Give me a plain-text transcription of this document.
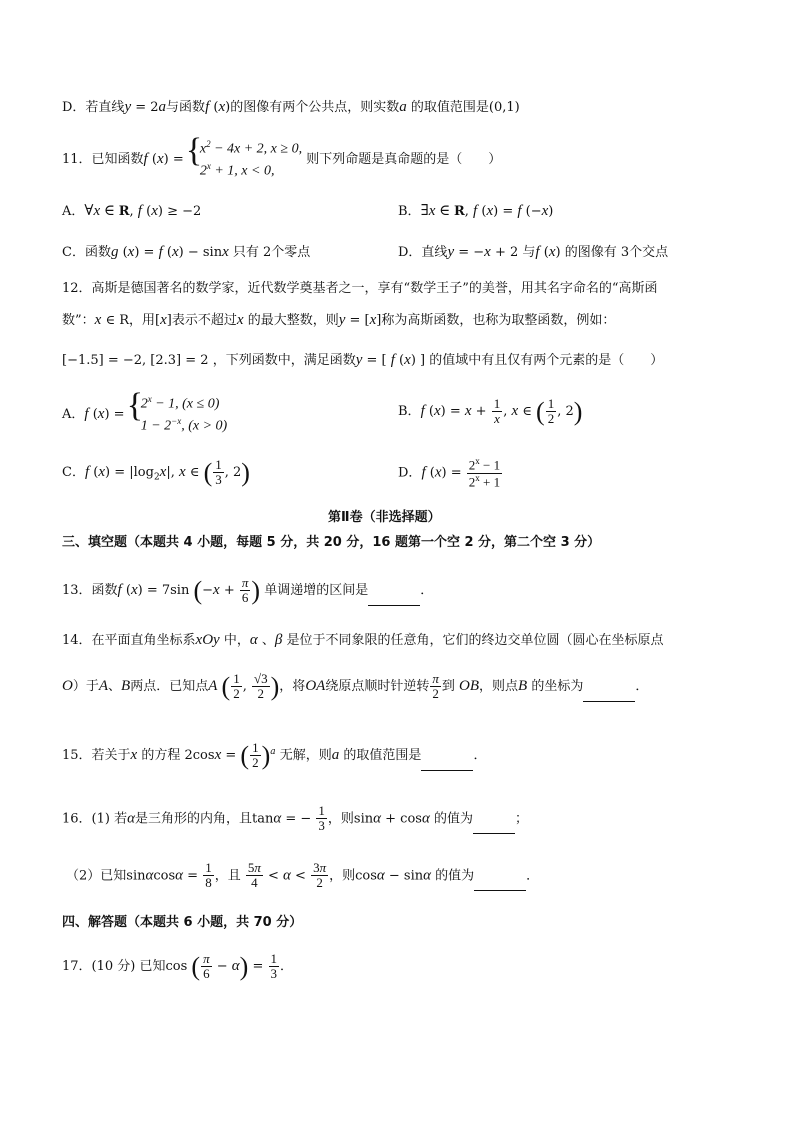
D．若直线y = 2a与函数f (x)的图像有两个公共点，则实数a 的取值范围是(0,1)
11．已知函数f (x) =
{ $x^2 - 4x + 2$, x ≥ 0,
$2^x + 1$, x < 0,
则下列命题是真命题的是（　　）
A．∀x ∈ R, f (x) ≥ −2	B．∃x ∈ R, f (x) = f (−x)
C．函数g (x) = f (x) − sinx 只有 2个零点	D．直线y = −x + 2 与f (x) 的图像有 3个交点
12．高斯是德国著名的数学家，近代数学奠基者之一，享有“数学王子”的美誉，用其名字命名的“高斯函
数”：x ∈ R，用[x]表示不超过x 的最大整数，则y = [x]称为高斯函数，也称为取整函数，例如：
[−1.5] = −2, [2.3] = 2 ，下列函数中，满足函数y = [ f (x) ] 的值域中有且仅有两个元素的是（　　）
A．f (x) =
{ $2^x - 1$, (x ≤ 0)
$1 - 2^{-x}$, (x > 0)
B．f $(x) = x + \frac{1}{x}$ , x ∈ ( $\frac{1}{2}$ , 2)
C．f $(x) = |\log_2x|$, x ∈ ( $\frac{1}{3}$ , 2)	D．f $(x) = \frac{2^x - 1}{2^x + 1}$
第Ⅱ卷（非选择题）
三、填空题（本题共 4 小题，每题 5 分，共 20 分，16 题第一个空 2 分，第二个空 3 分）
13．函数f (x) = 7sin ($-x + \frac{\pi}{6}$ ) 单调递增的区间是	．
14．在平面直角坐标系xOy 中，α 、β 是位于不同象限的任意角，它们的终边交单位圆（圆心在坐标原点
O）于A、B两点．已知点A ( $\frac{1}{2}$ , $\frac{√3}{2}$ )，将OA绕原点顺时针逆转 $\frac{\pi}{2}$ 到 OB，则点B 的坐标为	．
15．若关于x 的方程 2cosx = ( $\frac{1}{2} )^a$ 无解，则a 的取值范围是	．
16．(1) 若α是三角形的内角，且tanα = − $\frac{1}{3}$ ，则sinα + cosα 的值为	；
（2）已知$\sin\alpha\cos\alpha = \frac{1}{8}$ ，且 $\frac{5\pi}{4} < \alpha < \frac{3\pi}{2}$ ，则cosα − sinα 的值为	．
四、解答题（本题共 6 小题，共 70 分）
17．(10 分) 已知cos ( $\frac{\pi}{6} - \alpha) = \frac{1}{3}$ ．
